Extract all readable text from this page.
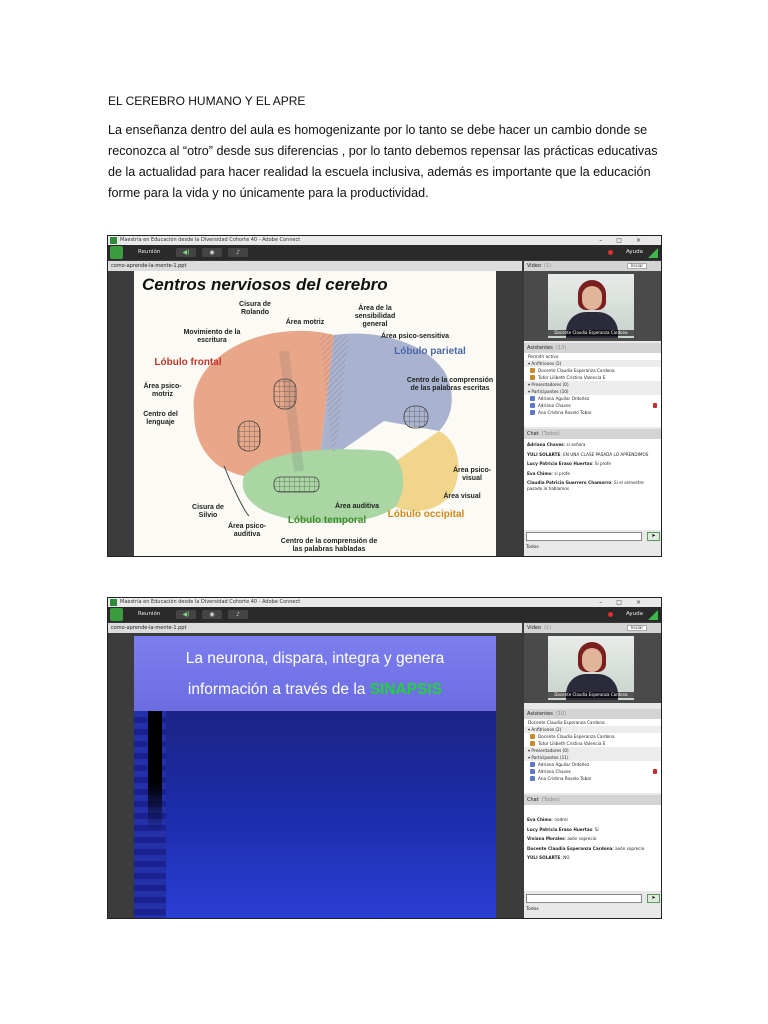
EL CEREBRO HUMANO Y EL APRE
La enseñanza dentro del aula es homogenizante por lo tanto se debe hacer un cambio donde se reconozca al “otro” desde sus diferencias , por lo tanto debemos repensar las prácticas educativas de la actualidad para hacer realidad la escuela inclusiva, además es importante que la educación forme para la vida y no únicamente para la productividad.
Maestría en Educación desde la Diversidad Cohorte 40 - Adobe Connect	–□×
Reunión	◀)	◉	♪	Ayuda
como-aprende-la-mente-1.ppt
Centros nerviosos del cerebro
Cisura de Rolando
Área motriz
Área de la sensibilidad general
Movimiento de la escritura
Área psico-sensitiva
Lóbulo parietal
Lóbulo frontal
Área psico-motriz
Centro de la comprensión de las palabras escritas
Centro del lenguaje
Área psico-visual
Área visual
Cisura de Silvio
Área auditiva
Lóbulo temporal
Lóbulo occipital
Área psico-auditiva
Centro de la comprensión de las palabras habladas
Video (1)	Iniciar
Docente Claudia Esperanza Cardona
Asistentes (13)
Permitir activo
▾ Anfitriones (2)
Docente Claudia Esperanza Cardona
Tutor Lilibeth Cristina Valencia E
▾ Presentadores (0)
▾ Participantes (10)
Adriana Aguilar Ordoñez
Adriana Chaves
Ana Cristina Rovelo Tobar
Chat (Todos)
Adriana Chaves: si señora
YULI SOLARTE: EN UNA CLASE PASADA LO APRENDIMOS
Lucy Patricia Eraso Huertas: Si profe
Eva Chimo: si profe
Claudia Patricia Guerrero Chamorro: Si el semestre pasado lo hablamos
➤
Todos
Maestría en Educación desde la Diversidad Cohorte 40 - Adobe Connect	–□×
Reunión	◀)	◉	♪	Ayuda
como-aprende-la-mente-1.ppt
La neurona, dispara, integra y genera
información a través de la SINAPSIS
Video (1)	Iniciar
Docente Claudia Esperanza Cardona
Asistentes (10)
Docente Claudia Esperanza Cardona
▾ Anfitriones (2)
Docente Claudia Esperanza Cardona
Tutor Lilibeth Cristina Valencia E
▾ Presentadores (0)
▾ Participantes (11)
Adriana Aguilar Ordoñez
Adriana Chaves
Ana Cristina Rovelo Tobar
Chat (Todos)
Eva Chimo: nodrel
Lucy Patricia Eraso Huertas: Si
Viviana Morales: axón soprecio
Docente Claudia Esperanza Cardona: axón soprecio
YULI SOLARTE: NO
➤
Todos
